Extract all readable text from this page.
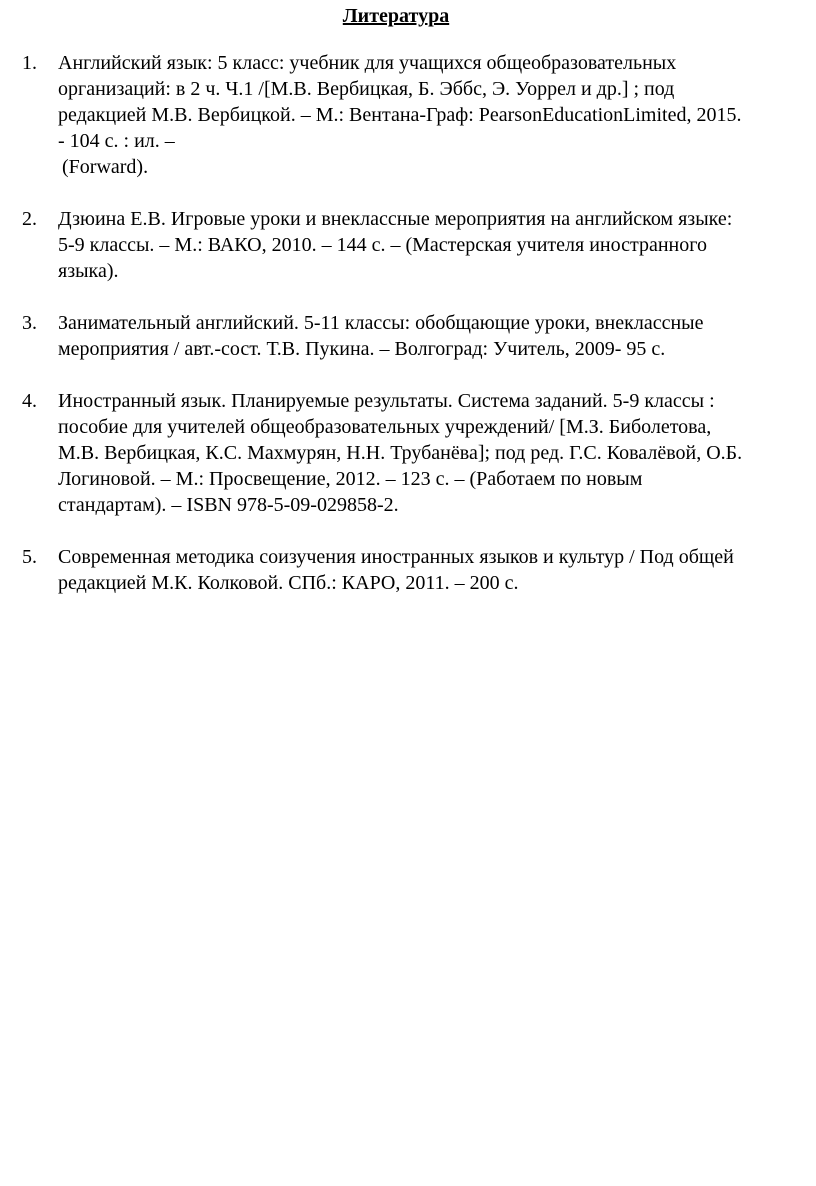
Литература
1. Английский язык: 5 класс: учебник для учащихся общеобразовательных
организаций: в 2 ч. Ч.1 /[М.В. Вербицкая, Б. Эббс, Э. Уоррел и др.] ; под
редакцией М.В. Вербицкой. – М.: Вентана-Граф: PearsonEducationLimited, 2015.
- 104 с. : ил. –
(Forward).
2. Дзюина Е.В. Игровые уроки и внеклассные мероприятия на английском языке:
5-9 классы. – М.: ВАКО, 2010. – 144 с. – (Мастерская учителя иностранного
языка).
3. Занимательный английский. 5-11 классы: обобщающие уроки, внеклассные
мероприятия / авт.-сост. Т.В. Пукина. – Волгоград: Учитель, 2009- 95 с.
4. Иностранный язык. Планируемые результаты. Система заданий. 5-9 классы :
пособие для учителей общеобразовательных учреждений/ [М.З. Биболетова,
М.В. Вербицкая, К.С. Махмурян, Н.Н. Трубанёва]; под ред. Г.С. Ковалёвой, О.Б.
Логиновой. – М.: Просвещение, 2012. – 123 с. – (Работаем по новым
стандартам). – ISBN 978-5-09-029858-2.
5. Современная методика соизучения иностранных языков и культур / Под общей
редакцией М.К. Колковой. СПб.: КАРО, 2011. – 200 с.
